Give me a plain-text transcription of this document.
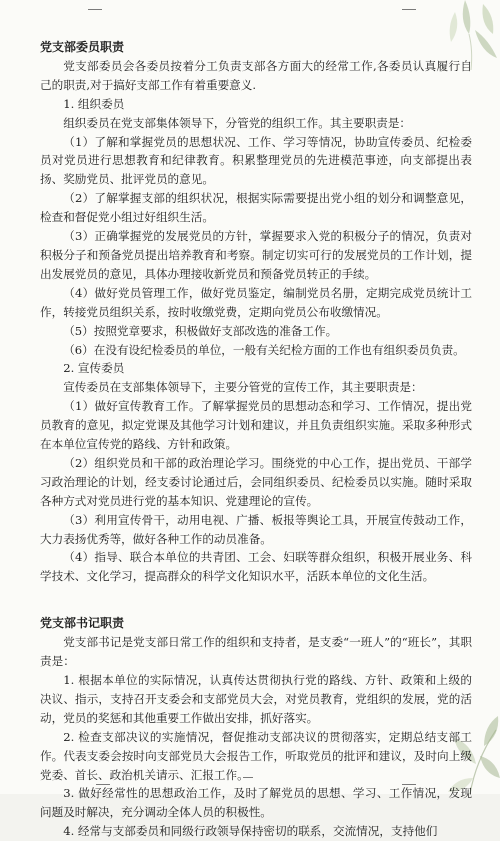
党支部委员职责

党支部委员会各委员按着分工负责支部各方面大的经常工作,各委员认真履行自己的职责,对于搞好支部工作有着重要意义.

1. 组织委员

组织委员在党支部集体领导下，分管党的组织工作。其主要职责是：

（1）了解和掌握党员的思想状况、工作、学习等情况，协助宣传委员、纪检委员对党员进行思想教育和纪律教育。积累整理党员的先进模范事迹，向支部提出表扬、奖励党员、批评党员的意见。

（2）了解掌握支部的组织状况，根据实际需要提出党小组的划分和调整意见，检查和督促党小组过好组织生活。

（3）正确掌握党的发展党员的方针，掌握要求入党的积极分子的情况，负责对积极分子和预备党员提出培养教育和考察。制定切实可行的发展党员的工作计划，提出发展党员的意见，具体办理接收新党员和预备党员转正的手续。

（4）做好党员管理工作，做好党员鉴定，编制党员名册，定期完成党员统计工作，转接党员组织关系，按时收缴党费，定期向党员公布收缴情况。

（5）按照党章要求，积极做好支部改选的准备工作。

（6）在没有设纪检委员的单位，一般有关纪检方面的工作也有组织委员负责。

2. 宣传委员

宣传委员在支部集体领导下，主要分管党的宣传工作，其主要职责是：

（1）做好宣传教育工作。了解掌握党员的思想动态和学习、工作情况，提出党员教育的意见，拟定党课及其他学习计划和建议，并且负责组织实施。采取多种形式在本单位宣传党的路线、方针和政策。

（2）组织党员和干部的政治理论学习。围绕党的中心工作，提出党员、干部学习政治理论的计划，经支委讨论通过后，会同组织委员、纪检委员以实施。随时采取各种方式对党员进行党的基本知识、党建理论的宣传。

（3）利用宣传骨干，动用电视、广播、板报等舆论工具，开展宣传鼓动工作，大力表扬优秀等，做好各种工作的动员准备。

（4）指导、联合本单位的共青团、工会、妇联等群众组织，积极开展业务、科学技术、文化学习，提高群众的科学文化知识水平，活跃本单位的文化生活。

党支部书记职责

党支部书记是党支部日常工作的组织和支持者，是支委“一班人”的“班长”，其职责是：

1. 根据本单位的实际情况，认真传达贯彻执行党的路线、方针、政策和上级的决议、指示，支持召开支委会和支部党员大会，对党员教育，党组织的发展，党的活动，党员的奖惩和其他重要工作做出安排，抓好落实。

2. 检查支部决议的实施情况，督促推动支部决议的贯彻落实，定期总结支部工作。代表支委会按时向支部党员大会报告工作，听取党员的批评和建议，及时向上级党委、首长、政治机关请示、汇报工作。

3. 做好经常性的思想政治工作，及时了解党员的思想、学习、工作情况，发现问题及时解决，充分调动全体人员的积极性。

4. 经常与支部委员和同级行政领导保持密切的联系，交流情况，支持他们
